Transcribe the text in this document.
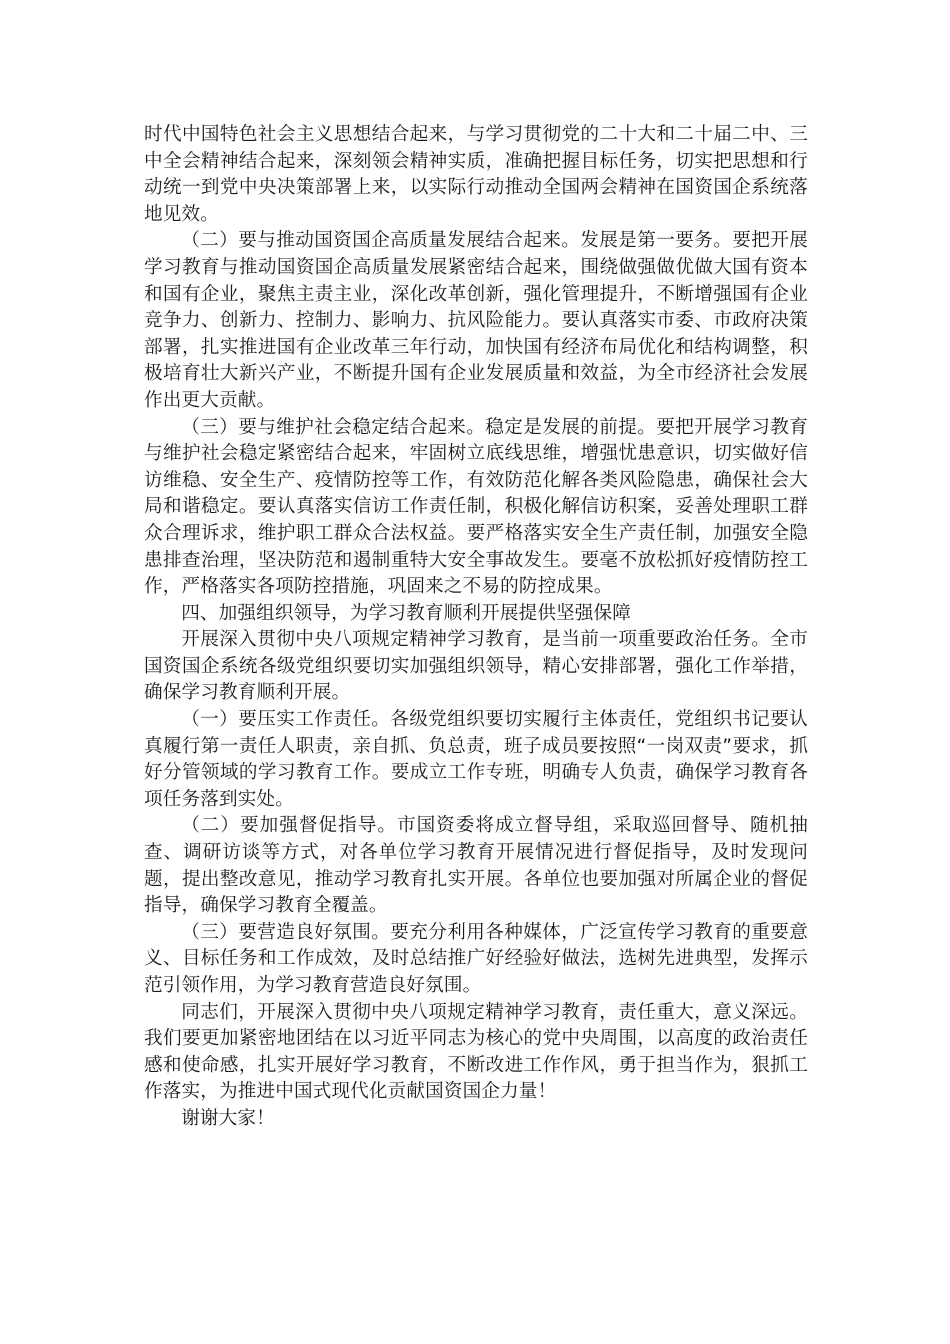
时代中国特色社会主义思想结合起来，与学习贯彻党的二十大和二十届二中、三中全会精神结合起来，深刻领会精神实质，准确把握目标任务，切实把思想和行动统一到党中央决策部署上来，以实际行动推动全国两会精神在国资国企系统落地见效。

（二）要与推动国资国企高质量发展结合起来。发展是第一要务。要把开展学习教育与推动国资国企高质量发展紧密结合起来，围绕做强做优做大国有资本和国有企业，聚焦主责主业，深化改革创新，强化管理提升，不断增强国有企业竞争力、创新力、控制力、影响力、抗风险能力。要认真落实市委、市政府决策部署，扎实推进国有企业改革三年行动，加快国有经济布局优化和结构调整，积极培育壮大新兴产业，不断提升国有企业发展质量和效益，为全市经济社会发展作出更大贡献。

（三）要与维护社会稳定结合起来。稳定是发展的前提。要把开展学习教育与维护社会稳定紧密结合起来，牢固树立底线思维，增强忧患意识，切实做好信访维稳、安全生产、疫情防控等工作，有效防范化解各类风险隐患，确保社会大局和谐稳定。要认真落实信访工作责任制，积极化解信访积案，妥善处理职工群众合理诉求，维护职工群众合法权益。要严格落实安全生产责任制，加强安全隐患排查治理，坚决防范和遏制重特大安全事故发生。要毫不放松抓好疫情防控工作，严格落实各项防控措施，巩固来之不易的防控成果。

四、加强组织领导，为学习教育顺利开展提供坚强保障

开展深入贯彻中央八项规定精神学习教育，是当前一项重要政治任务。全市国资国企系统各级党组织要切实加强组织领导，精心安排部署，强化工作举措，确保学习教育顺利开展。

（一）要压实工作责任。各级党组织要切实履行主体责任，党组织书记要认真履行第一责任人职责，亲自抓、负总责，班子成员要按照“一岗双责”要求，抓好分管领域的学习教育工作。要成立工作专班，明确专人负责，确保学习教育各项任务落到实处。

（二）要加强督促指导。市国资委将成立督导组，采取巡回督导、随机抽查、调研访谈等方式，对各单位学习教育开展情况进行督促指导，及时发现问题，提出整改意见，推动学习教育扎实开展。各单位也要加强对所属企业的督促指导，确保学习教育全覆盖。

（三）要营造良好氛围。要充分利用各种媒体，广泛宣传学习教育的重要意义、目标任务和工作成效，及时总结推广好经验好做法，选树先进典型，发挥示范引领作用，为学习教育营造良好氛围。

同志们，开展深入贯彻中央八项规定精神学习教育，责任重大，意义深远。我们要更加紧密地团结在以习近平同志为核心的党中央周围，以高度的政治责任感和使命感，扎实开展好学习教育，不断改进工作作风，勇于担当作为，狠抓工作落实，为推进中国式现代化贡献国资国企力量！

谢谢大家！
